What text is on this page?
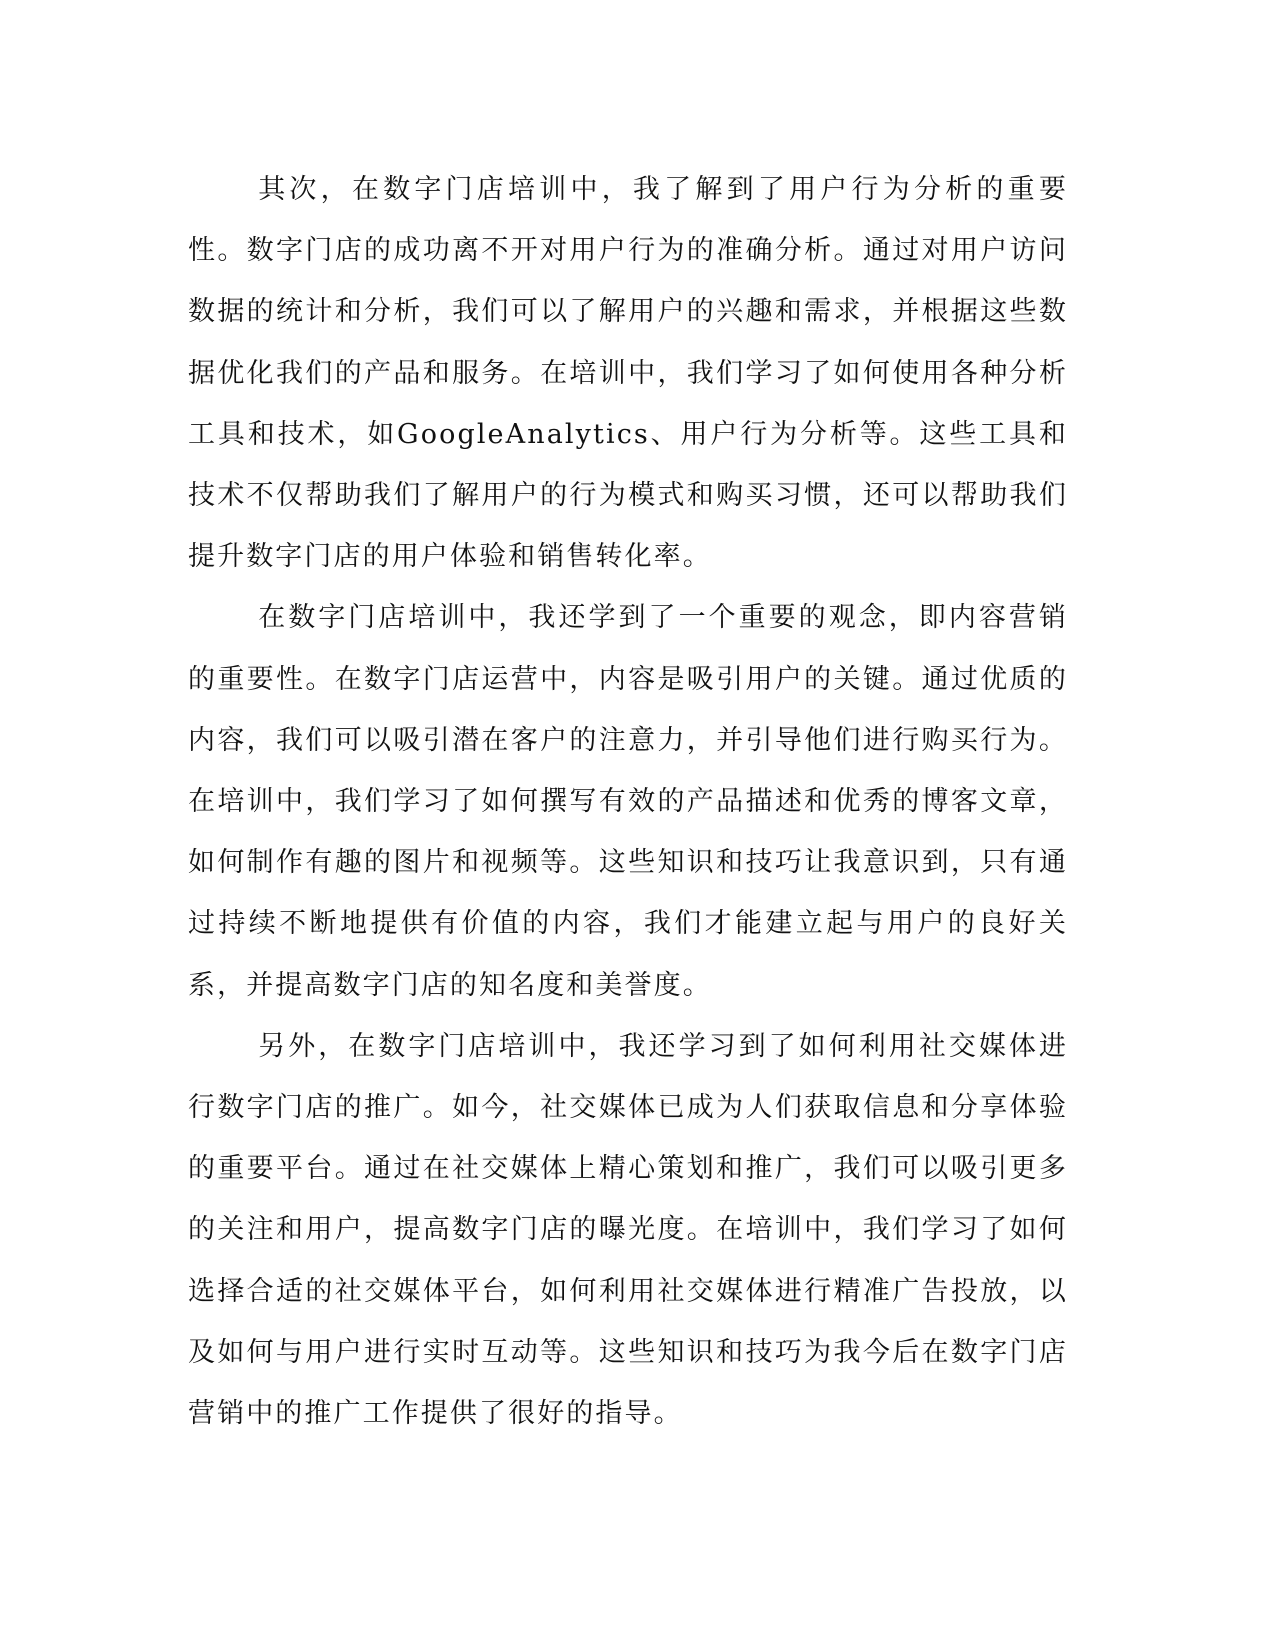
其次，在数字门店培训中，我了解到了用户行为分析的重要性。数字门店的成功离不开对用户行为的准确分析。通过对用户访问数据的统计和分析，我们可以了解用户的兴趣和需求，并根据这些数据优化我们的产品和服务。在培训中，我们学习了如何使用各种分析工具和技术，如GoogleAnalytics、用户行为分析等。这些工具和技术不仅帮助我们了解用户的行为模式和购买习惯，还可以帮助我们提升数字门店的用户体验和销售转化率。

在数字门店培训中，我还学到了一个重要的观念，即内容营销的重要性。在数字门店运营中，内容是吸引用户的关键。通过优质的内容，我们可以吸引潜在客户的注意力，并引导他们进行购买行为。在培训中，我们学习了如何撰写有效的产品描述和优秀的博客文章，如何制作有趣的图片和视频等。这些知识和技巧让我意识到，只有通过持续不断地提供有价值的内容，我们才能建立起与用户的良好关系，并提高数字门店的知名度和美誉度。

另外，在数字门店培训中，我还学习到了如何利用社交媒体进行数字门店的推广。如今，社交媒体已成为人们获取信息和分享体验的重要平台。通过在社交媒体上精心策划和推广，我们可以吸引更多的关注和用户，提高数字门店的曝光度。在培训中，我们学习了如何选择合适的社交媒体平台，如何利用社交媒体进行精准广告投放，以及如何与用户进行实时互动等。这些知识和技巧为我今后在数字门店营销中的推广工作提供了很好的指导。
